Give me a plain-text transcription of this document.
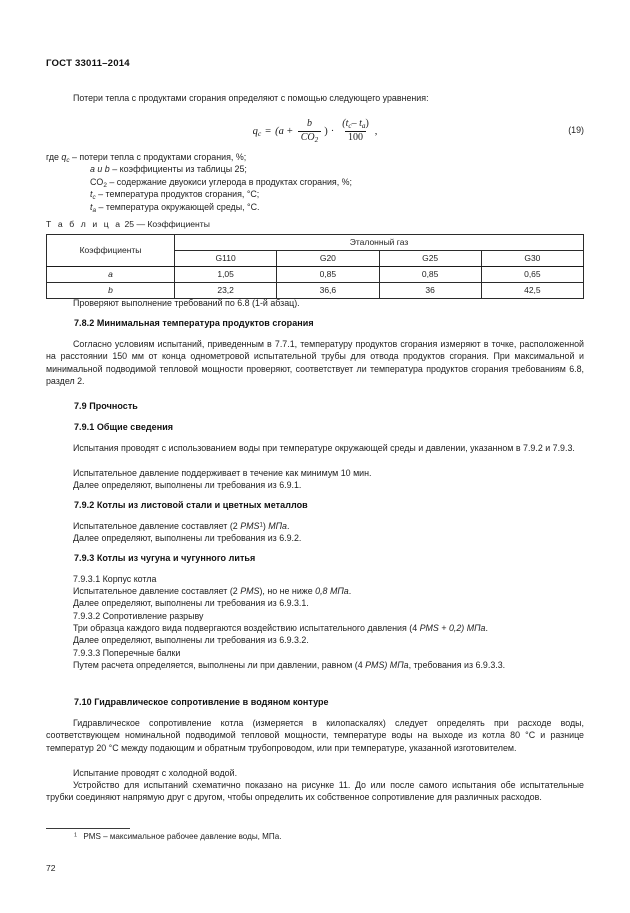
ГОСТ 33011–2014

Потери тепла с продуктами сгорания определяют с помощью следующего уравнения:

$q_c = (a + \frac{b}{CO_2}$ ) · $\frac{(t_c- t_a)}{100}$ ,	(19)

где $q_c$ – потери тепла с продуктами сгорания, %;

a и b – коэффициенты из таблицы 25;

$CO_2$ – содержание двуокиси углерода в продуктах сгорания, %;

$t_c$ – температура продуктов сгорания, °C;

$t_a$ – температура окружающей среды, °C.

Т а б л и ц а 25 — Коэффициенты
Коэффициенты	Эталонный газ			
	G110	G20	G25	G30
a	1,05	0,85	0,85	0,65
b	23,2	36,6	36	42,5

Проверяют выполнение требований по 6.8 (1-й абзац).

7.8.2 Минимальная температура продуктов сгорания

Согласно условиям испытаний, приведенным в 7.7.1, температуру продуктов сгорания измеряют в точке, расположенной на расстоянии 150 мм от конца однометровой испытательной трубы для отвода продуктов сгорания. При максимальной и минимальной подводимой тепловой мощности проверяют, соответствует ли температура продуктов сгорания требованиям 6.8, раздел 2.

7.9 Прочность
7.9.1 Общие сведения

Испытания проводят с использованием воды при температуре окружающей среды и давлении, указанном в 7.9.2 и 7.9.3.

Испытательное давление поддерживает в течение как минимум 10 мин.

Далее определяют, выполнены ли требования из 6.9.1.

7.9.2 Котлы из листовой стали и цветных металлов

Испытательное давление составляет (2 PMS$^1$) МПа.

Далее определяют, выполнены ли требования из 6.9.2.

7.9.3 Котлы из чугуна и чугунного литья

7.9.3.1 Корпус котла

Испытательное давление составляет (2 PMS), но не ниже 0,8 МПа.

Далее определяют, выполнены ли требования из 6.9.3.1.

7.9.3.2 Сопротивление разрыву

Три образца каждого вида подвергаются воздействию испытательного давления (4 PMS + 0,2) МПа.

Далее определяют, выполнены ли требования из 6.9.3.2.

7.9.3.3 Поперечные балки

Путем расчета определяется, выполнены ли при давлении, равном (4 PMS) МПа, требования из 6.9.3.3.

7.10 Гидравлическое сопротивление в водяном контуре

Гидравлическое сопротивление котла (измеряется в килопаскалях) следует определять при расходе воды, соответствующем номинальной подводимой тепловой мощности, температуре воды на выходе из котла 80 °C и разнице температур 20 °C между подающим и обратным трубопроводом, или при температуре, указанной изготовителем.

Испытание проводят с холодной водой.

Устройство для испытаний схематично показано на рисунке 11. До или после самого испытания обе испытательные трубки соединяют напрямую друг с другом, чтобы определить их собственное сопротивление для различных расходов.

$^1$ PMS – максимальное рабочее давление воды, МПа.
72
